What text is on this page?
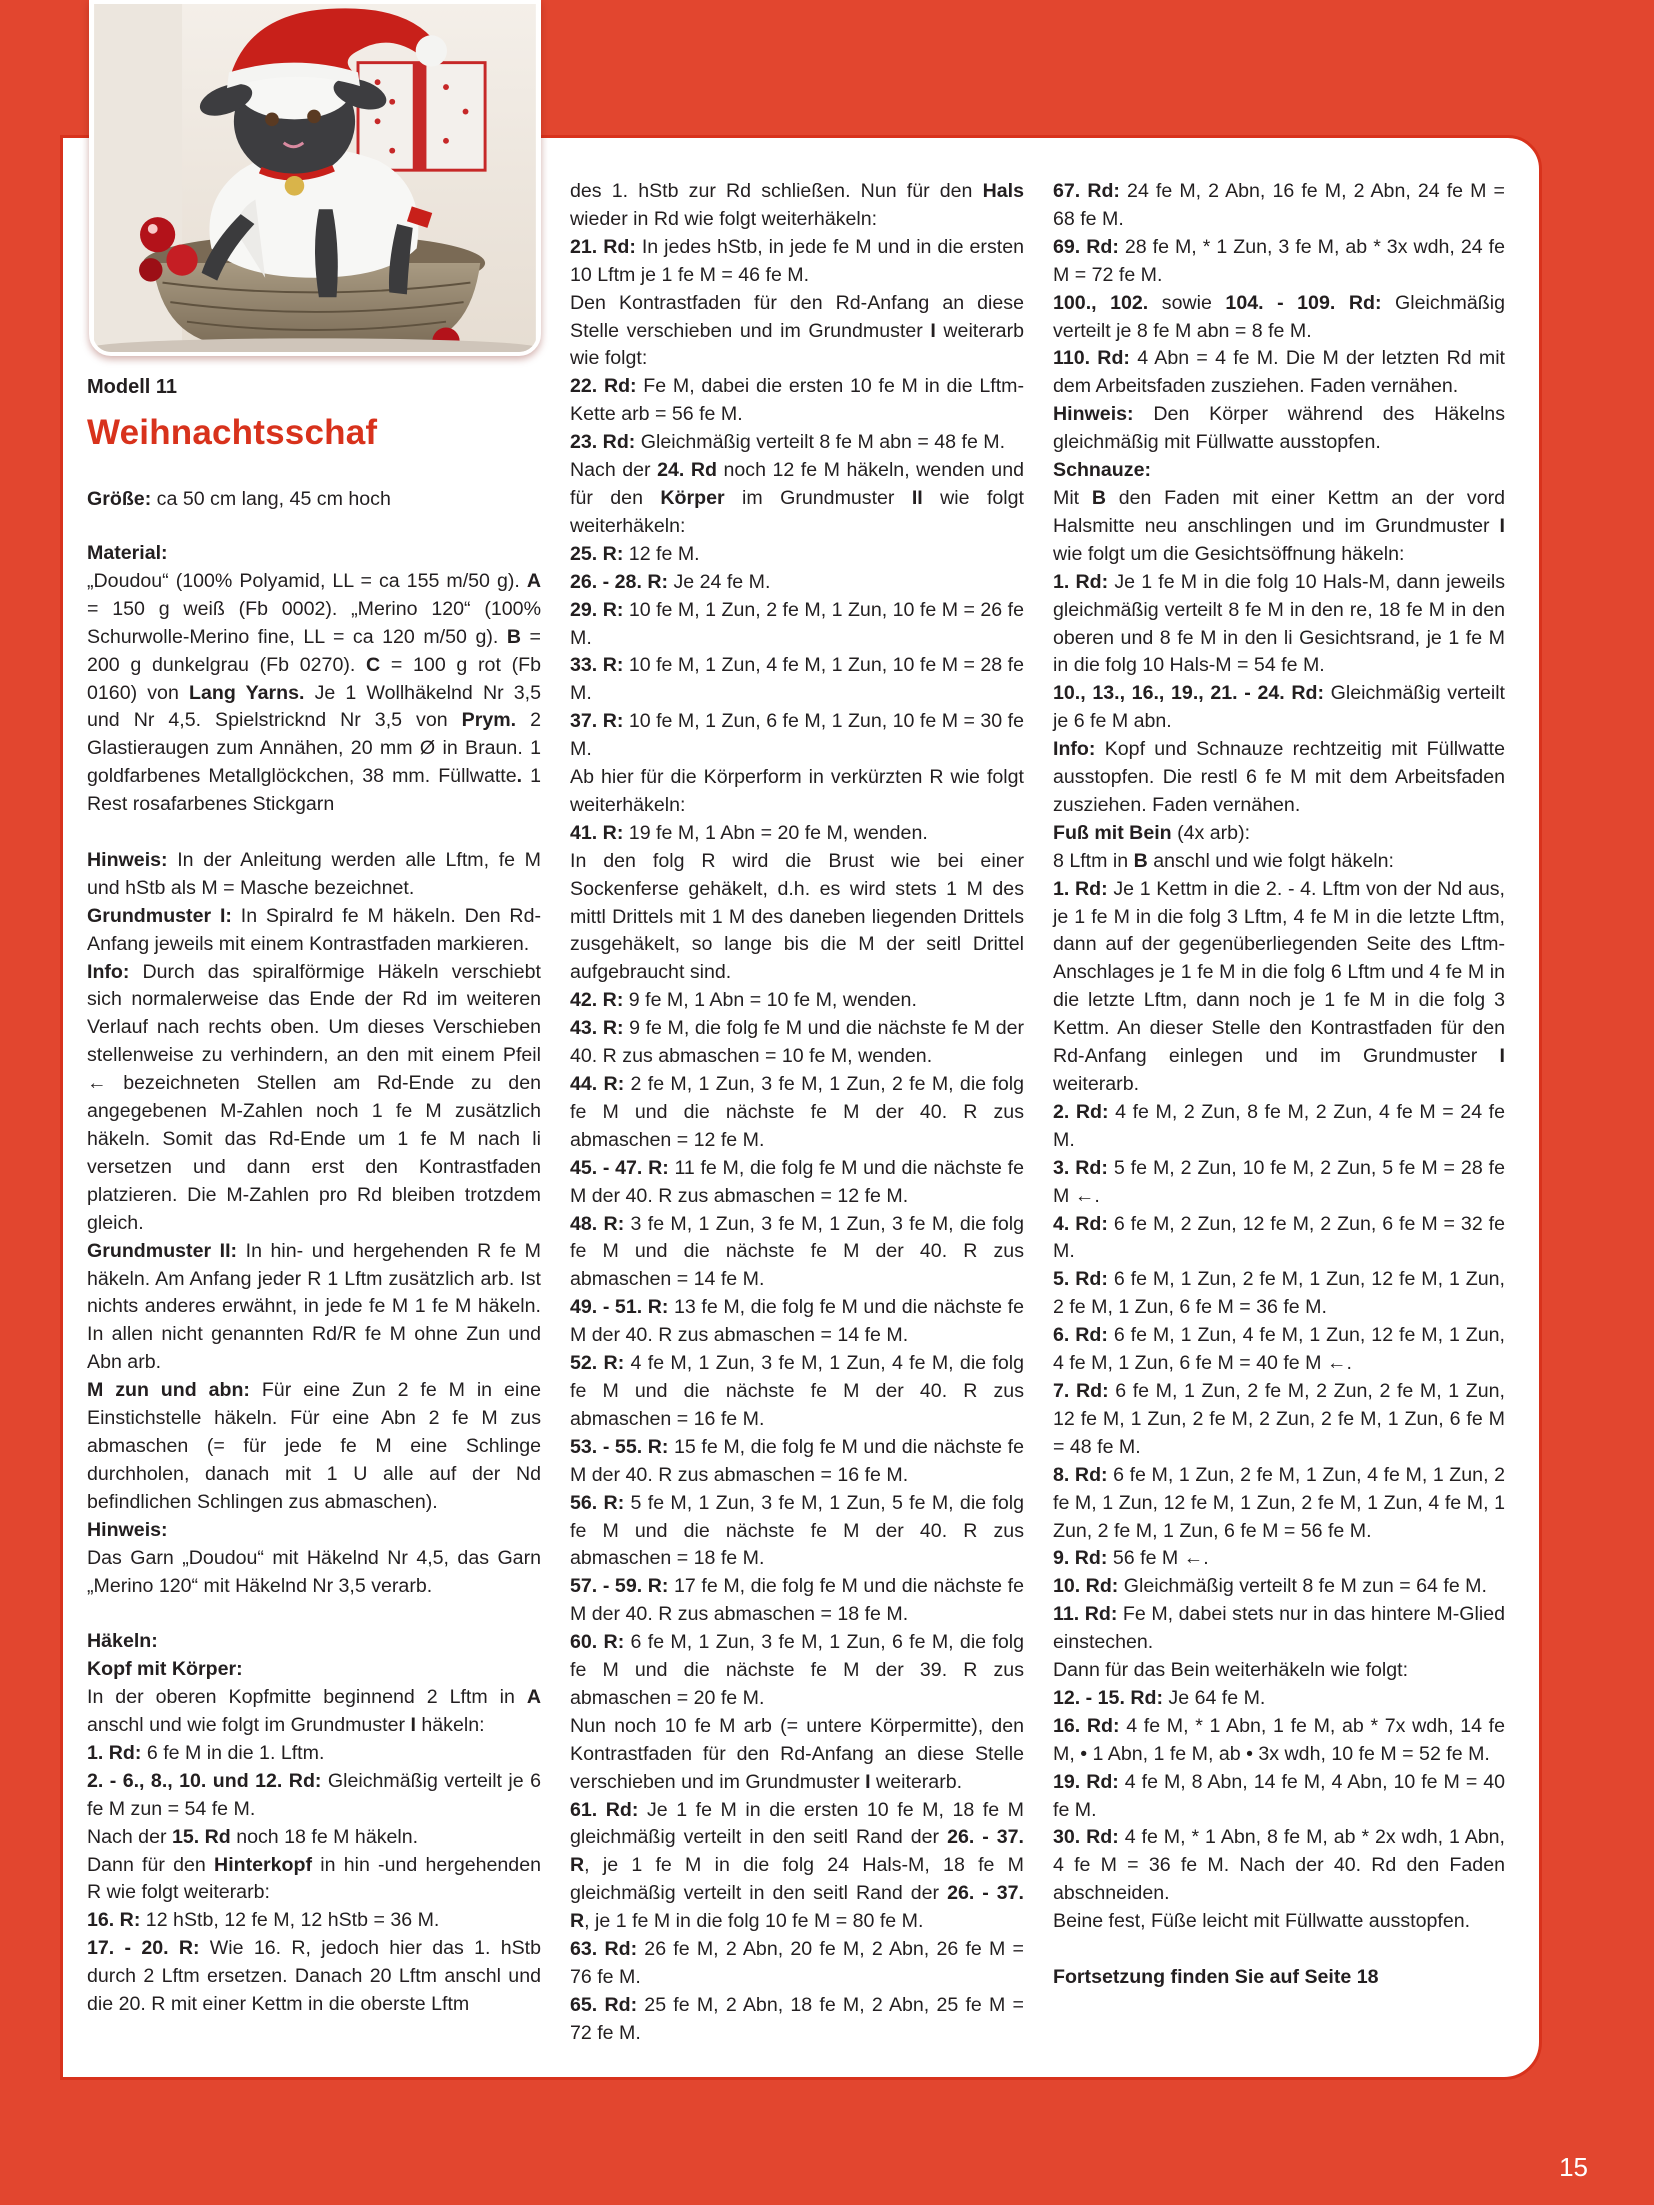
Modell 11
Weihnachtsschaf

Größe: ca 50 cm lang, 45 cm hoch

Material:

„Doudou“ (100% Polyamid, LL = ca 155 m/50 g). A = 150 g weiß (Fb 0002). „Merino 120“ (100% Schurwolle-Merino fine, LL = ca 120 m/50 g). B = 200 g dunkelgrau (Fb 0270). C = 100 g rot (Fb 0160) von Lang Yarns. Je 1 Wollhäkelnd Nr 3,5 und Nr 4,5. Spielstricknd Nr 3,5 von Prym. 2 Glastieraugen zum Annähen, 20 mm Ø in Braun. 1 goldfarbenes Metallglöckchen, 38 mm. Füllwatte. 1 Rest rosafarbenes Stickgarn

Hinweis: In der Anleitung werden alle Lftm, fe M und hStb als M = Masche bezeichnet.

Grundmuster I: In Spiralrd fe M häkeln. Den Rd-Anfang jeweils mit einem Kontrastfaden markieren.

Info: Durch das spiralförmige Häkeln verschiebt sich normalerweise das Ende der Rd im weiteren Verlauf nach rechts oben. Um dieses Verschieben stellenweise zu verhindern, an den mit einem Pfeil ← bezeichneten Stellen am Rd-Ende zu den angegebenen M-Zahlen noch 1 fe M zusätzlich häkeln. Somit das Rd-Ende um 1 fe M nach li versetzen und dann erst den Kontrastfaden platzieren. Die M-Zahlen pro Rd bleiben trotzdem gleich.

Grundmuster II: In hin- und hergehenden R fe M häkeln. Am Anfang jeder R 1 Lftm zusätzlich arb. Ist nichts anderes erwähnt, in jede fe M 1 fe M häkeln. In allen nicht genannten Rd/R fe M ohne Zun und Abn arb.

M zun und abn: Für eine Zun 2 fe M in eine Einstichstelle häkeln. Für eine Abn 2 fe M zus abmaschen (= für jede fe M eine Schlinge durchholen, danach mit 1 U alle auf der Nd befindlichen Schlingen zus abmaschen).

Hinweis:

Das Garn „Doudou“ mit Häkelnd Nr 4,5, das Garn „Merino 120“ mit Häkelnd Nr 3,5 verarb.

Häkeln:

Kopf mit Körper:

In der oberen Kopfmitte beginnend 2 Lftm in A anschl und wie folgt im Grundmuster I häkeln:

1. Rd: 6 fe M in die 1. Lftm.

2. - 6., 8., 10. und 12. Rd: Gleichmäßig verteilt je 6 fe M zun = 54 fe M.

Nach der 15. Rd noch 18 fe M häkeln.

Dann für den Hinterkopf in hin -und hergehenden R wie folgt weiterarb:

16. R: 12 hStb, 12 fe M, 12 hStb = 36 M.

17. - 20. R: Wie 16. R, jedoch hier das 1. hStb durch 2 Lftm ersetzen. Danach 20 Lftm anschl und die 20. R mit einer Kettm in die oberste Lftm

des 1. hStb zur Rd schließen. Nun für den Hals wieder in Rd wie folgt weiterhäkeln:

21. Rd: In jedes hStb, in jede fe M und in die ersten 10 Lftm je 1 fe M = 46 fe M.

Den Kontrastfaden für den Rd-Anfang an diese Stelle verschieben und im Grundmuster I weiterarb wie folgt:

22. Rd: Fe M, dabei die ersten 10 fe M in die Lftm-Kette arb = 56 fe M.

23. Rd: Gleichmäßig verteilt 8 fe M abn = 48 fe M.

Nach der 24. Rd noch 12 fe M häkeln, wenden und für den Körper im Grundmuster II wie folgt weiterhäkeln:

25. R: 12 fe M.

26. - 28. R: Je 24 fe M.

29. R: 10 fe M, 1 Zun, 2 fe M, 1 Zun, 10 fe M = 26 fe M.

33. R: 10 fe M, 1 Zun, 4 fe M, 1 Zun, 10 fe M = 28 fe M.

37. R: 10 fe M, 1 Zun, 6 fe M, 1 Zun, 10 fe M = 30 fe M.

Ab hier für die Körperform in verkürzten R wie folgt weiterhäkeln:

41. R: 19 fe M, 1 Abn = 20 fe M, wenden.

In den folg R wird die Brust wie bei einer Sockenferse gehäkelt, d.h. es wird stets 1 M des mittl Drittels mit 1 M des daneben liegenden Drittels zusgehäkelt, so lange bis die M der seitl Drittel aufgebraucht sind.

42. R: 9 fe M, 1 Abn = 10 fe M, wenden.

43. R: 9 fe M, die folg fe M und die nächste fe M der 40. R zus abmaschen = 10 fe M, wenden.

44. R: 2 fe M, 1 Zun, 3 fe M, 1 Zun, 2 fe M, die folg fe M und die nächste fe M der 40. R zus abmaschen = 12 fe M.

45. - 47. R: 11 fe M, die folg fe M und die nächste fe M der 40. R zus abmaschen = 12 fe M.

48. R: 3 fe M, 1 Zun, 3 fe M, 1 Zun, 3 fe M, die folg fe M und die nächste fe M der 40. R zus abmaschen = 14 fe M.

49. - 51. R: 13 fe M, die folg fe M und die nächste fe M der 40. R zus abmaschen = 14 fe M.

52. R: 4 fe M, 1 Zun, 3 fe M, 1 Zun, 4 fe M, die folg fe M und die nächste fe M der 40. R zus abmaschen = 16 fe M.

53. - 55. R: 15 fe M, die folg fe M und die nächste fe M der 40. R zus abmaschen = 16 fe M.

56. R: 5 fe M, 1 Zun, 3 fe M, 1 Zun, 5 fe M, die folg fe M und die nächste fe M der 40. R zus abmaschen = 18 fe M.

57. - 59. R: 17 fe M, die folg fe M und die nächste fe M der 40. R zus abmaschen = 18 fe M.

60. R: 6 fe M, 1 Zun, 3 fe M, 1 Zun, 6 fe M, die folg fe M und die nächste fe M der 39. R zus abmaschen = 20 fe M.

Nun noch 10 fe M arb (= untere Körpermitte), den Kontrastfaden für den Rd-Anfang an diese Stelle verschieben und im Grundmuster I weiterarb.

61. Rd: Je 1 fe M in die ersten 10 fe M, 18 fe M gleichmäßig verteilt in den seitl Rand der 26. - 37. R, je 1 fe M in die folg 24 Hals-M, 18 fe M gleichmäßig verteilt in den seitl Rand der 26. - 37. R, je 1 fe M in die folg 10 fe M = 80 fe M.

63. Rd: 26 fe M, 2 Abn, 20 fe M, 2 Abn, 26 fe M = 76 fe M.

65. Rd: 25 fe M, 2 Abn, 18 fe M, 2 Abn, 25 fe M = 72 fe M.

67. Rd: 24 fe M, 2 Abn, 16 fe M, 2 Abn, 24 fe M = 68 fe M.

69. Rd: 28 fe M, * 1 Zun, 3 fe M, ab * 3x wdh, 24 fe M = 72 fe M.

100., 102. sowie 104. - 109. Rd: Gleichmäßig verteilt je 8 fe M abn = 8 fe M.

110. Rd: 4 Abn = 4 fe M. Die M der letzten Rd mit dem Arbeitsfaden zusziehen. Faden vernähen.

Hinweis: Den Körper während des Häkelns gleichmäßig mit Füllwatte ausstopfen.

Schnauze:

Mit B den Faden mit einer Kettm an der vord Halsmitte neu anschlingen und im Grundmuster I wie folgt um die Gesichtsöffnung häkeln:

1. Rd: Je 1 fe M in die folg 10 Hals-M, dann jeweils gleichmäßig verteilt 8 fe M in den re, 18 fe M in den oberen und 8 fe M in den li Gesichtsrand, je 1 fe M in die folg 10 Hals-M = 54 fe M.

10., 13., 16., 19., 21. - 24. Rd: Gleichmäßig verteilt je 6 fe M abn.

Info: Kopf und Schnauze rechtzeitig mit Füllwatte ausstopfen. Die restl 6 fe M mit dem Arbeitsfaden zusziehen. Faden vernähen.

Fuß mit Bein (4x arb):

8 Lftm in B anschl und wie folgt häkeln:

1. Rd: Je 1 Kettm in die 2. - 4. Lftm von der Nd aus, je 1 fe M in die folg 3 Lftm, 4 fe M in die letzte Lftm, dann auf der gegenüberliegenden Seite des Lftm-Anschlages je 1 fe M in die folg 6 Lftm und 4 fe M in die letzte Lftm, dann noch je 1 fe M in die folg 3 Kettm. An dieser Stelle den Kontrastfaden für den Rd-Anfang einlegen und im Grundmuster I weiterarb.

2. Rd: 4 fe M, 2 Zun, 8 fe M, 2 Zun, 4 fe M = 24 fe M.

3. Rd: 5 fe M, 2 Zun, 10 fe M, 2 Zun, 5 fe M = 28 fe M ←.

4. Rd: 6 fe M, 2 Zun, 12 fe M, 2 Zun, 6 fe M = 32 fe M.

5. Rd: 6 fe M, 1 Zun, 2 fe M, 1 Zun, 12 fe M, 1 Zun, 2 fe M, 1 Zun, 6 fe M = 36 fe M.

6. Rd: 6 fe M, 1 Zun, 4 fe M, 1 Zun, 12 fe M, 1 Zun, 4 fe M, 1 Zun, 6 fe M = 40 fe M ←.

7. Rd: 6 fe M, 1 Zun, 2 fe M, 2 Zun, 2 fe M, 1 Zun, 12 fe M, 1 Zun, 2 fe M, 2 Zun, 2 fe M, 1 Zun, 6 fe M = 48 fe M.

8. Rd: 6 fe M, 1 Zun, 2 fe M, 1 Zun, 4 fe M, 1 Zun, 2 fe M, 1 Zun, 12 fe M, 1 Zun, 2 fe M, 1 Zun, 4 fe M, 1 Zun, 2 fe M, 1 Zun, 6 fe M = 56 fe M.

9. Rd: 56 fe M ←.

10. Rd: Gleichmäßig verteilt 8 fe M zun = 64 fe M.

11. Rd: Fe M, dabei stets nur in das hintere M-Glied einstechen.

Dann für das Bein weiterhäkeln wie folgt:

12. - 15. Rd: Je 64 fe M.

16. Rd: 4 fe M, * 1 Abn, 1 fe M, ab * 7x wdh, 14 fe M, • 1 Abn, 1 fe M, ab • 3x wdh, 10 fe M = 52 fe M.

19. Rd: 4 fe M, 8 Abn, 14 fe M, 4 Abn, 10 fe M = 40 fe M.

30. Rd: 4 fe M, * 1 Abn, 8 fe M, ab * 2x wdh, 1 Abn, 4 fe M = 36 fe M. Nach der 40. Rd den Faden abschneiden.

Beine fest, Füße leicht mit Füllwatte ausstopfen.

Fortsetzung finden Sie auf Seite 18

15
